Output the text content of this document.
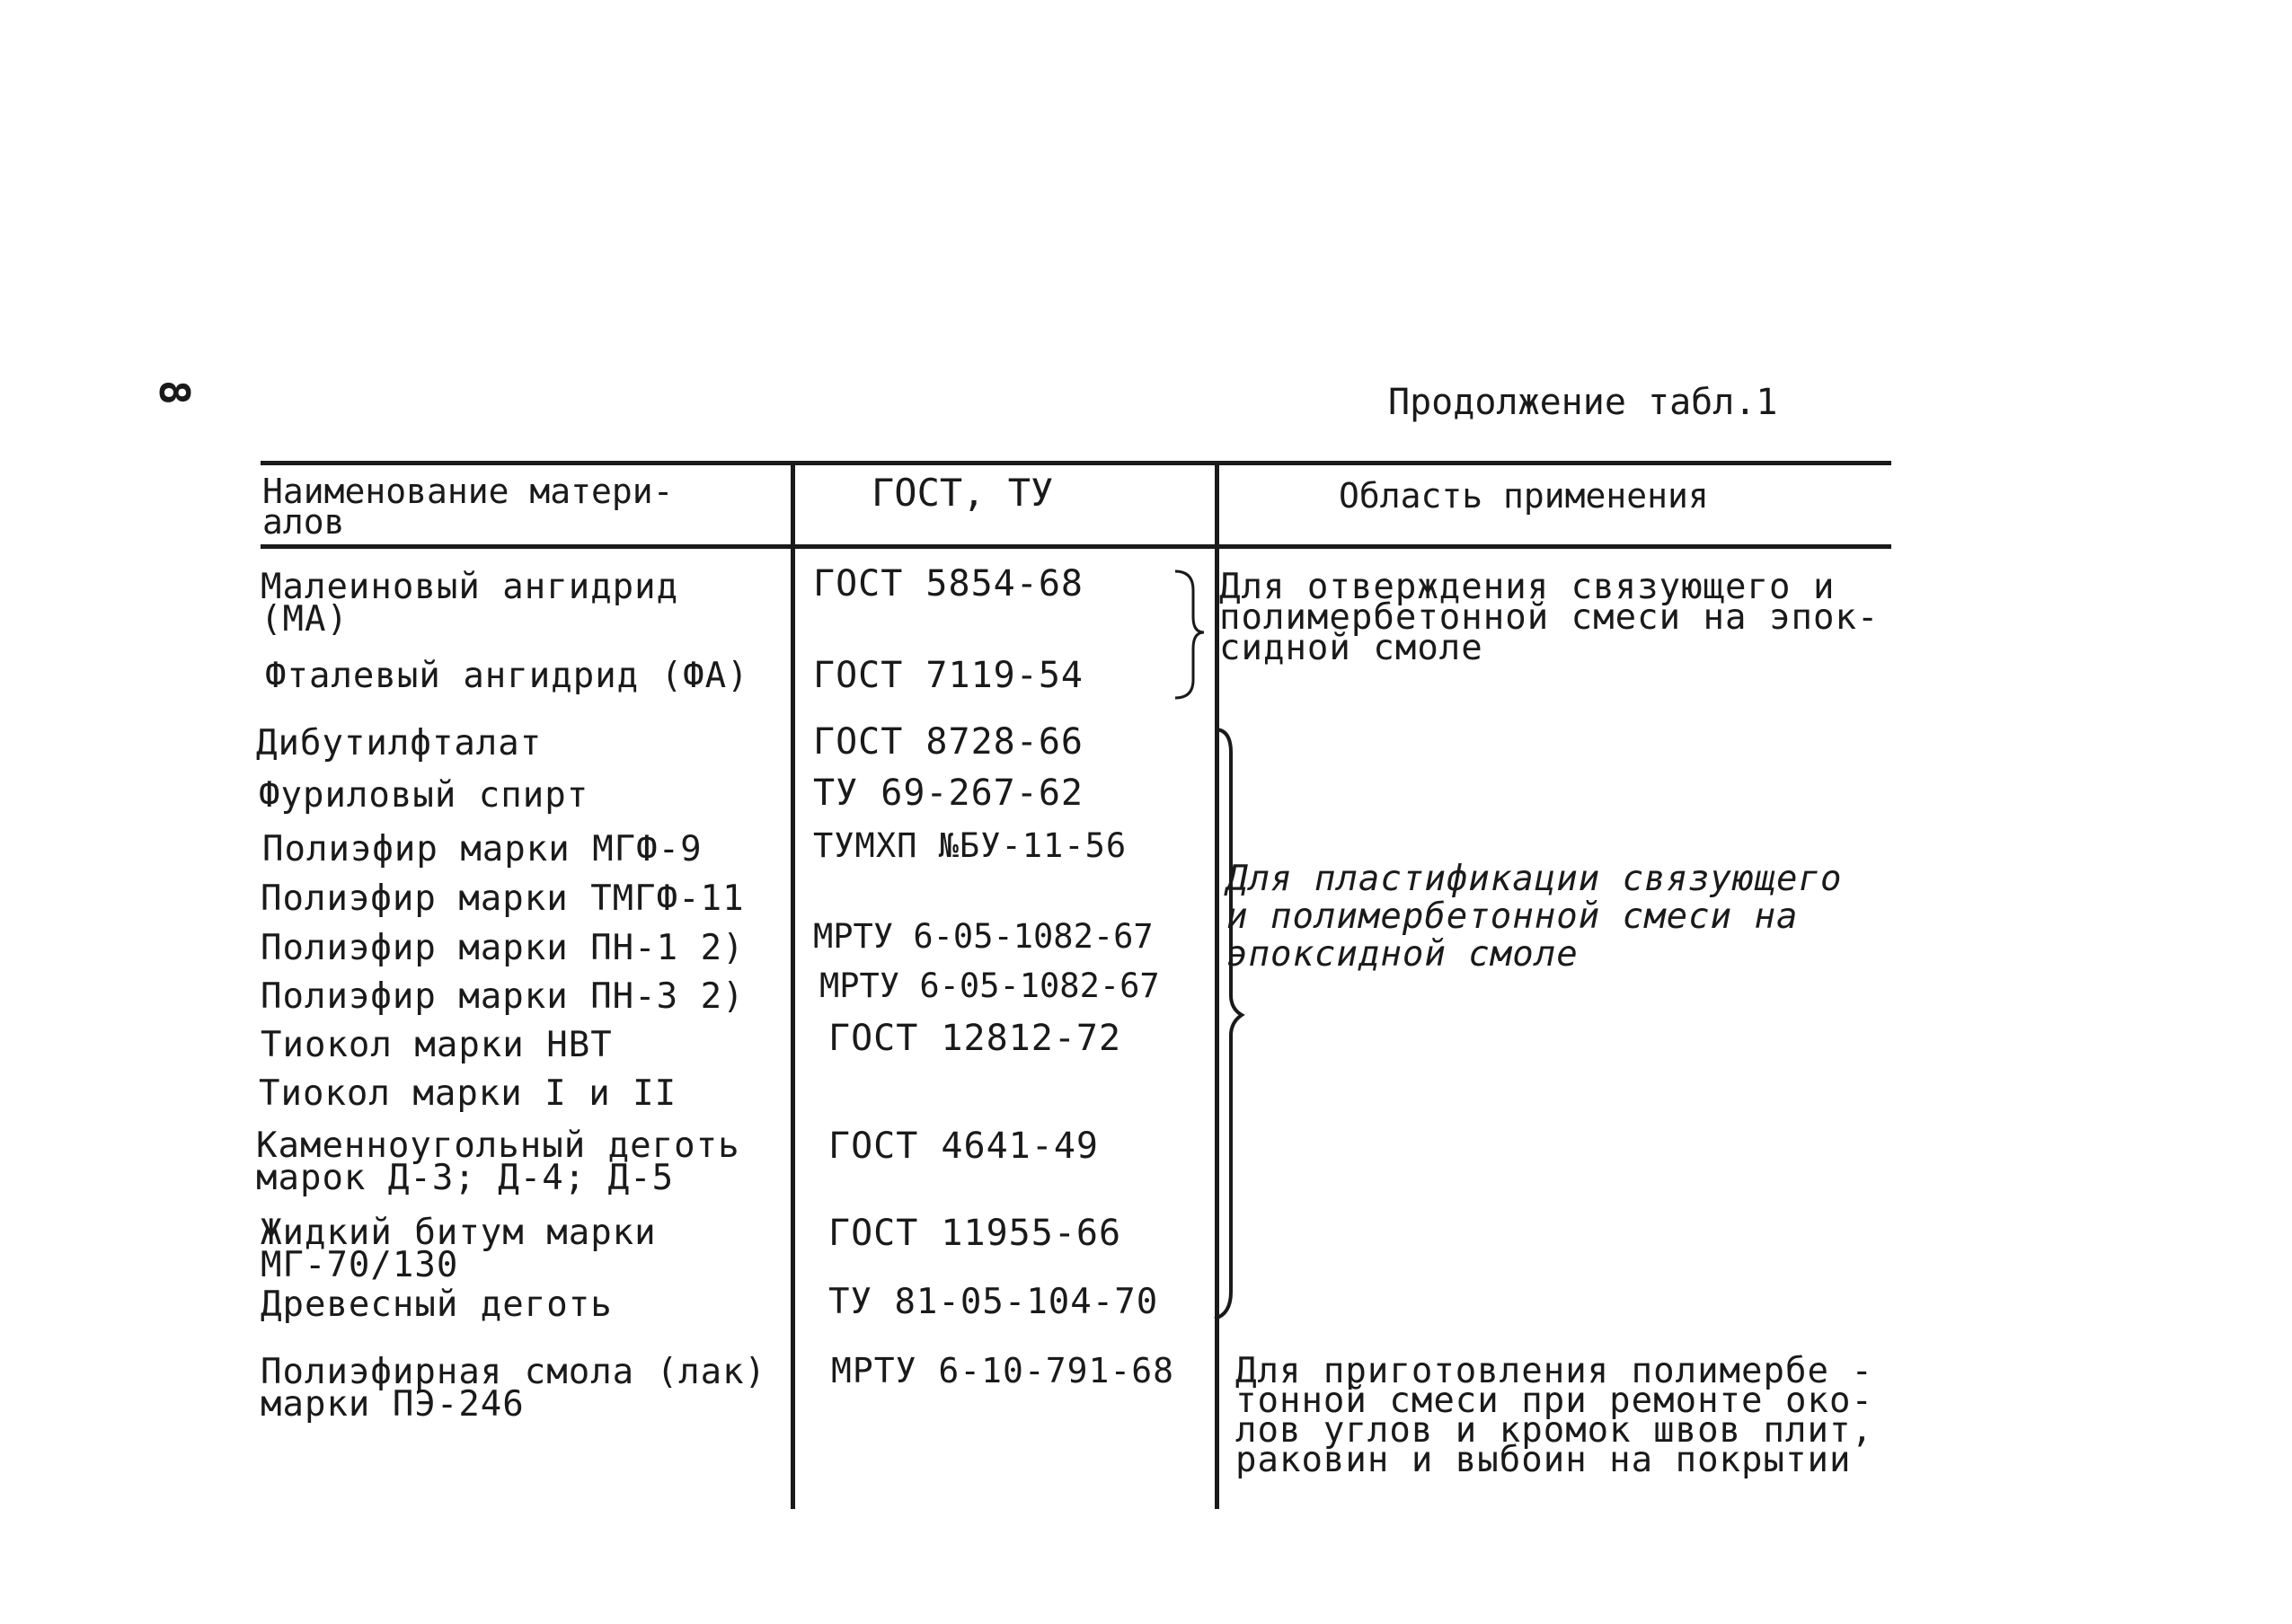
8	Продолжение табл.1
Наименование матери-
алов
ГОСТ, ТУ	Область применения
Малеиновый ангидрид
(МА)
Фталевый ангидрид (ФА)
Дибутилфталат
Фуриловый спирт
Полиэфир марки МГФ-9
Полиэфир марки ТМГФ-11
Полиэфир марки ПН-1 2)
Полиэфир марки ПН-3 2)
Тиокол марки НВТ
Тиокол марки I и II
Каменноугольный деготь
марок Д-3; Д-4; Д-5
Жидкий битум марки
МГ-70/130
Древесный деготь
Полиэфирная смола (лак)
марки ПЭ-246
ГОСТ 5854-68
ГОСТ 7119-54
ГОСТ 8728-66
ТУ 69-267-62
ТУМХП №БУ-11-56
МРТУ 6-05-1082-67
МРТУ 6-05-1082-67
ГОСТ 12812-72
ГОСТ 4641-49
ГОСТ 11955-66
ТУ 81-05-104-70
МРТУ 6-10-791-68
Для отверждения связующего и
полимербетонной смеси на эпок-
сидной смоле
Для пластификации связующего
и полимербетонной смеси на
эпоксидной смоле
Для приготовления полимербе -
тонной смеси при ремонте око-
лов углов и кромок швов плит,
раковин и выбоин на покрытии
